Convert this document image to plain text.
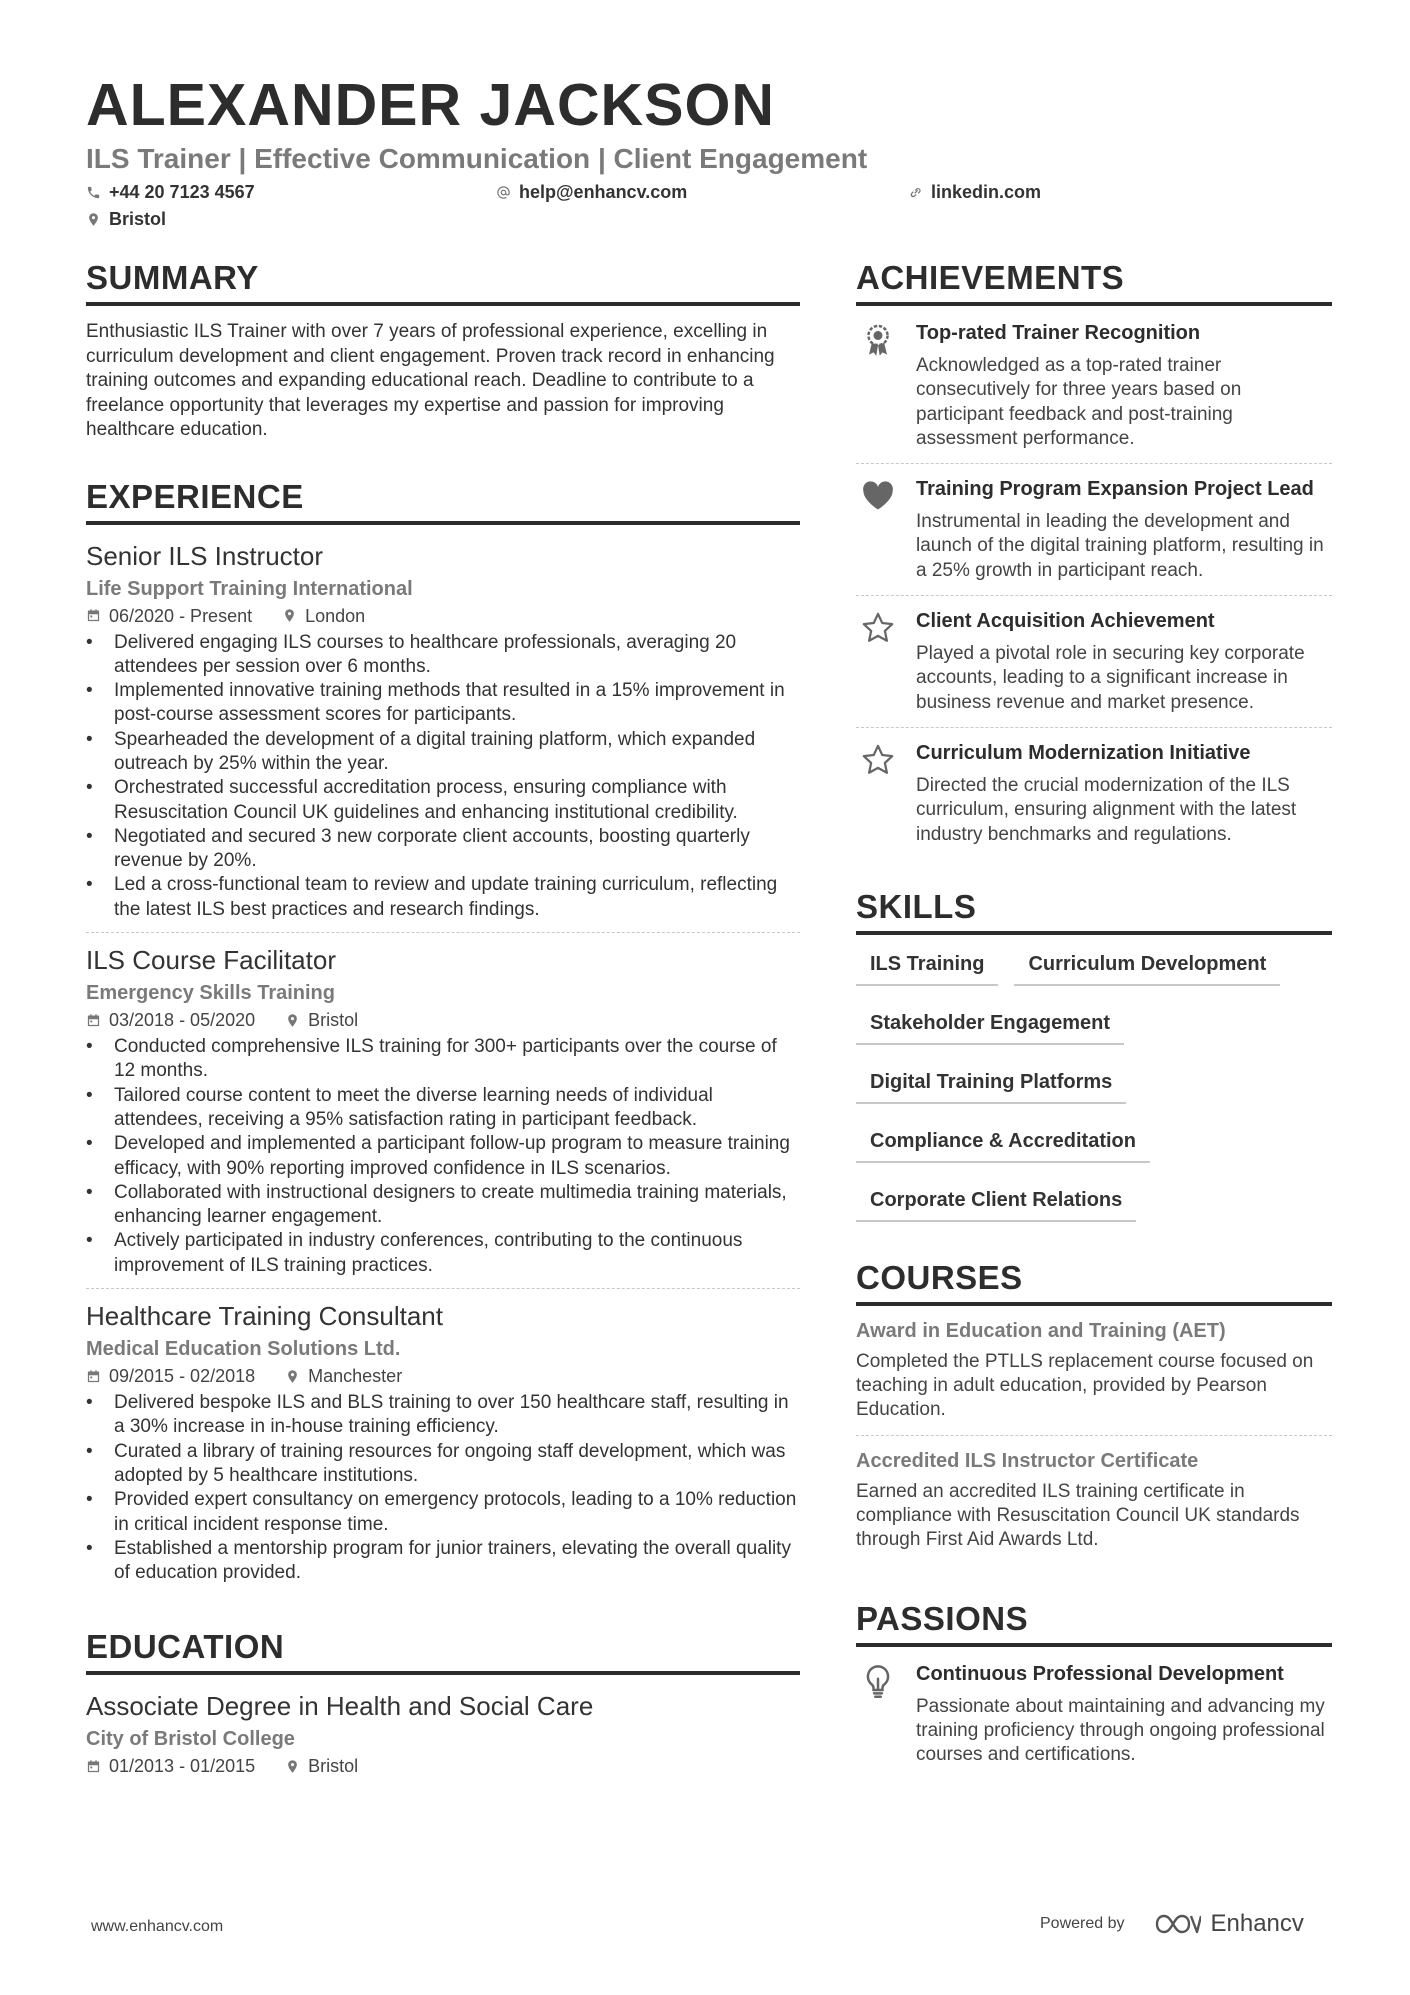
ALEXANDER JACKSON
ILS Trainer | Effective Communication | Client Engagement
+44 20 7123 4567	help@enhancv.com	linkedin.com
Bristol
SUMMARY
Enthusiastic ILS Trainer with over 7 years of professional experience, excelling in curriculum development and client engagement. Proven track record in enhancing training outcomes and expanding educational reach. Deadline to contribute to a freelance opportunity that leverages my expertise and passion for improving healthcare education.
EXPERIENCE
Senior ILS Instructor
Life Support Training International
06/2020 - Present	London
• Delivered engaging ILS courses to healthcare professionals, averaging 20 attendees per session over 6 months.
• Implemented innovative training methods that resulted in a 15% improvement in post-course assessment scores for participants.
• Spearheaded the development of a digital training platform, which expanded outreach by 25% within the year.
• Orchestrated successful accreditation process, ensuring compliance with Resuscitation Council UK guidelines and enhancing institutional credibility.
• Negotiated and secured 3 new corporate client accounts, boosting quarterly revenue by 20%.
• Led a cross-functional team to review and update training curriculum, reflecting the latest ILS best practices and research findings.
ILS Course Facilitator
Emergency Skills Training
03/2018 - 05/2020	Bristol
• Conducted comprehensive ILS training for 300+ participants over the course of 12 months.
• Tailored course content to meet the diverse learning needs of individual attendees, receiving a 95% satisfaction rating in participant feedback.
• Developed and implemented a participant follow-up program to measure training efficacy, with 90% reporting improved confidence in ILS scenarios.
• Collaborated with instructional designers to create multimedia training materials, enhancing learner engagement.
• Actively participated in industry conferences, contributing to the continuous improvement of ILS training practices.
Healthcare Training Consultant
Medical Education Solutions Ltd.
09/2015 - 02/2018	Manchester
• Delivered bespoke ILS and BLS training to over 150 healthcare staff, resulting in a 30% increase in in-house training efficiency.
• Curated a library of training resources for ongoing staff development, which was adopted by 5 healthcare institutions.
• Provided expert consultancy on emergency protocols, leading to a 10% reduction in critical incident response time.
• Established a mentorship program for junior trainers, elevating the overall quality of education provided.
EDUCATION
Associate Degree in Health and Social Care
City of Bristol College
01/2013 - 01/2015	Bristol
ACHIEVEMENTS
Top-rated Trainer Recognition
Acknowledged as a top-rated trainer consecutively for three years based on participant feedback and post-training assessment performance.
Training Program Expansion Project Lead
Instrumental in leading the development and launch of the digital training platform, resulting in a 25% growth in participant reach.
Client Acquisition Achievement
Played a pivotal role in securing key corporate accounts, leading to a significant increase in business revenue and market presence.
Curriculum Modernization Initiative
Directed the crucial modernization of the ILS curriculum, ensuring alignment with the latest industry benchmarks and regulations.
SKILLS
ILS Training	Curriculum Development
Stakeholder Engagement
Digital Training Platforms
Compliance & Accreditation
Corporate Client Relations
COURSES
Award in Education and Training (AET)
Completed the PTLLS replacement course focused on teaching in adult education, provided by Pearson Education.
Accredited ILS Instructor Certificate
Earned an accredited ILS training certificate in compliance with Resuscitation Council UK standards through First Aid Awards Ltd.
PASSIONS
Continuous Professional Development
Passionate about maintaining and advancing my training proficiency through ongoing professional courses and certifications.
www.enhancv.com	Powered by	Enhancv
